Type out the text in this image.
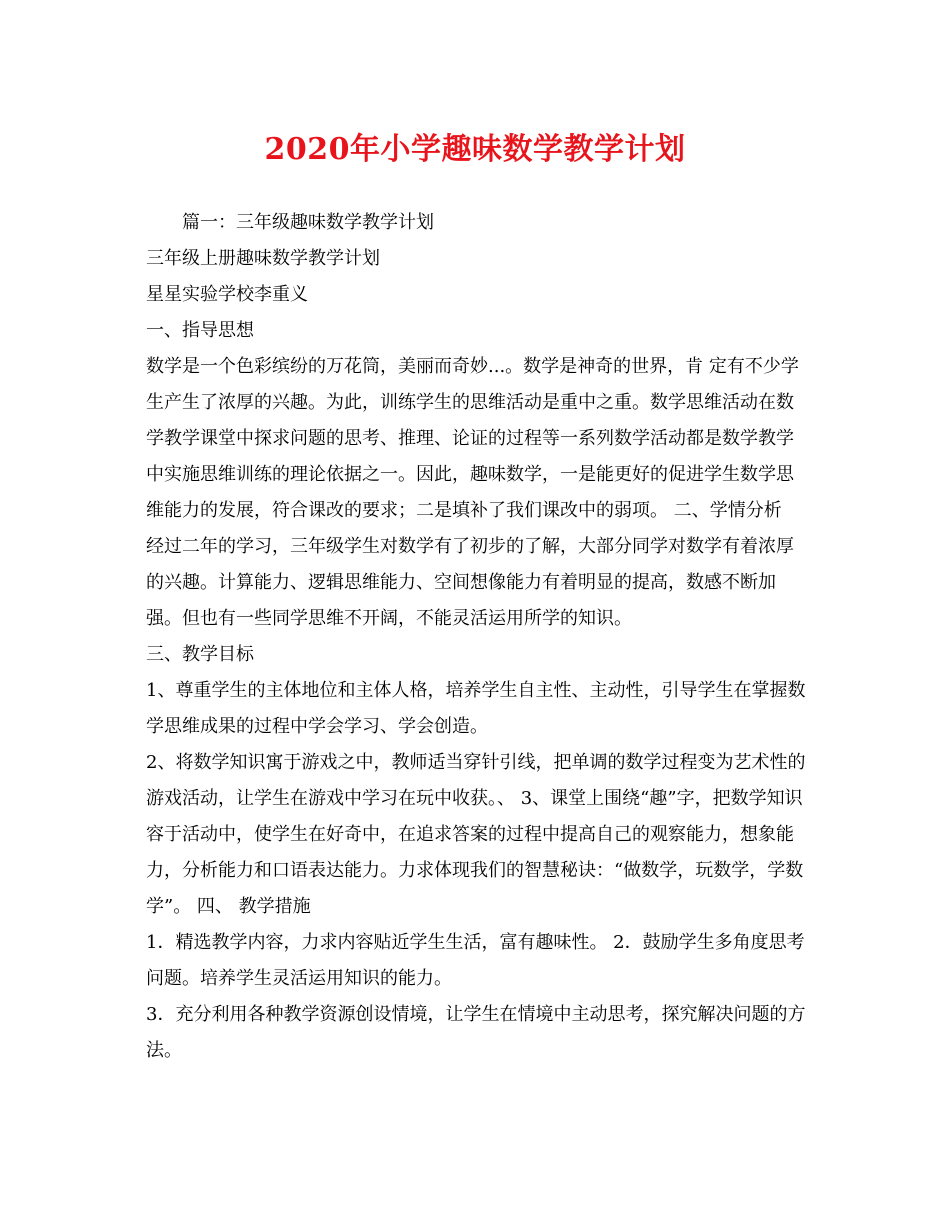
2020年小学趣味数学教学计划

篇一：三年级趣味数学教学计划

三年级上册趣味数学教学计划

星星实验学校李重义

一、指导思想

数学是一个色彩缤纷的万花筒，美丽而奇妙...。数学是神奇的世界，肯 定有不少学生产生了浓厚的兴趣。为此，训练学生的思维活动是重中之重。数学思维活动在数学教学课堂中探求问题的思考、推理、论证的过程等一系列数学活动都是数学教学中实施思维训练的理论依据之一。因此，趣味数学，一是能更好的促进学生数学思维能力的发展，符合课改的要求；二是填补了我们课改中的弱项。 二、学情分析

经过二年的学习，三年级学生对数学有了初步的了解，大部分同学对数学有着浓厚的兴趣。计算能力、逻辑思维能力、空间想像能力有着明显的提高，数感不断加强。但也有一些同学思维不开阔，不能灵活运用所学的知识。

三、教学目标

1、尊重学生的主体地位和主体人格，培养学生自主性、主动性，引导学生在掌握数学思维成果的过程中学会学习、学会创造。

2、将数学知识寓于游戏之中，教师适当穿针引线，把单调的数学过程变为艺术性的游戏活动，让学生在游戏中学习在玩中收获。、 3、课堂上围绕“趣”字，把数学知识容于活动中，使学生在好奇中，在追求答案的过程中提高自己的观察能力，想象能力，分析能力和口语表达能力。力求体现我们的智慧秘诀：“做数学，玩数学，学数学”。 四、 教学措施

1．精选教学内容，力求内容贴近学生生活，富有趣味性。 2．鼓励学生多角度思考问题。培养学生灵活运用知识的能力。

3．充分利用各种教学资源创设情境，让学生在情境中主动思考，探究解决问题的方法。
